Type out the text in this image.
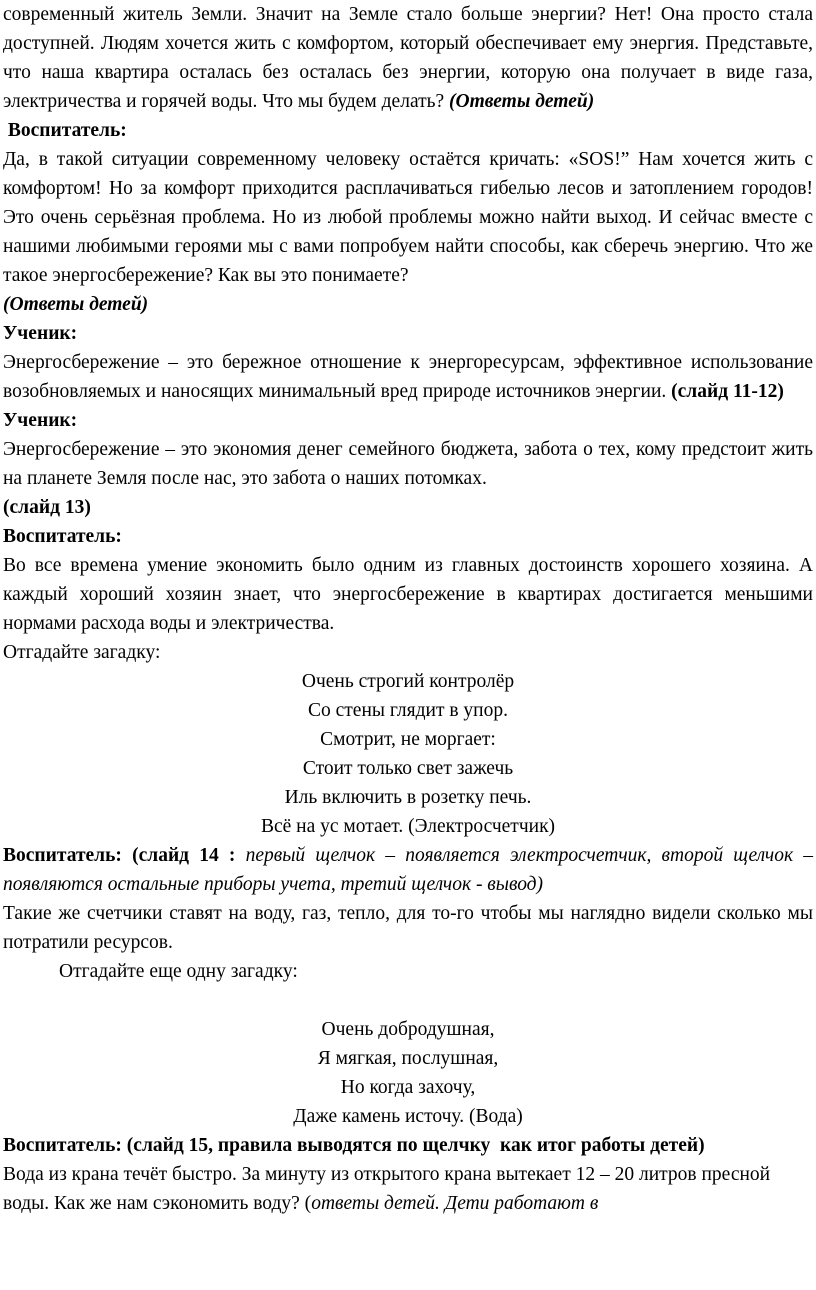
современный житель Земли. Значит на Земле стало больше энергии? Нет! Она просто стала доступней. Людям хочется жить с комфортом, который обеспечивает ему энергия. Представьте, что наша квартира осталась без осталась без энергии, которую она получает в виде газа, электричества и горячей воды. Что мы будем делать? (Ответы детей)

Воспитатель:

Да, в такой ситуации современному человеку остаётся кричать: «SOS!” Нам хочется жить с комфортом! Но за комфорт приходится расплачиваться гибелью лесов и затоплением городов! Это очень серьёзная проблема. Но из любой проблемы можно найти выход. И сейчас вместе с нашими любимыми героями мы с вами попробуем найти способы, как сберечь энергию. Что же такое энергосбережение? Как вы это понимаете?

(Ответы детей)

Ученик:

Энергосбережение – это бережное отношение к энергоресурсам, эффективное использование возобновляемых и наносящих минимальный вред природе источников энергии. (слайд 11-12)

Ученик:

Энергосбережение – это экономия денег семейного бюджета, забота о тех, кому предстоит жить на планете Земля после нас, это забота о наших потомках.

(слайд 13)

Воспитатель:

Во все времена умение экономить было одним из главных достоинств хорошего хозяина. А каждый хороший хозяин знает, что энергосбережение в квартирах достигается меньшими нормами расхода воды и электричества.

Отгадайте загадку:

Очень строгий контролёр

Со стены глядит в упор.

Смотрит, не моргает:

Стоит только свет зажечь

Иль включить в розетку печь.

Всё на ус мотает. (Электросчетчик)

Воспитатель: (слайд 14 : первый щелчок – появляется электросчетчик, второй щелчок – появляются остальные приборы учета, третий щелчок - вывод)

Такие же счетчики ставят на воду, газ, тепло, для то-го чтобы мы наглядно видели сколько мы потратили ресурсов.

Отгадайте еще одну загадку:

Очень добродушная,

Я мягкая, послушная,

Но когда захочу,

Даже камень источу. (Вода)

Воспитатель: (слайд 15, правила выводятся по щелчку  как итог работы детей)

Вода из крана течёт быстро. За минуту из открытого крана вытекает 12 – 20 литров пресной воды. Как же нам сэкономить воду? (ответы детей. Дети работают в
